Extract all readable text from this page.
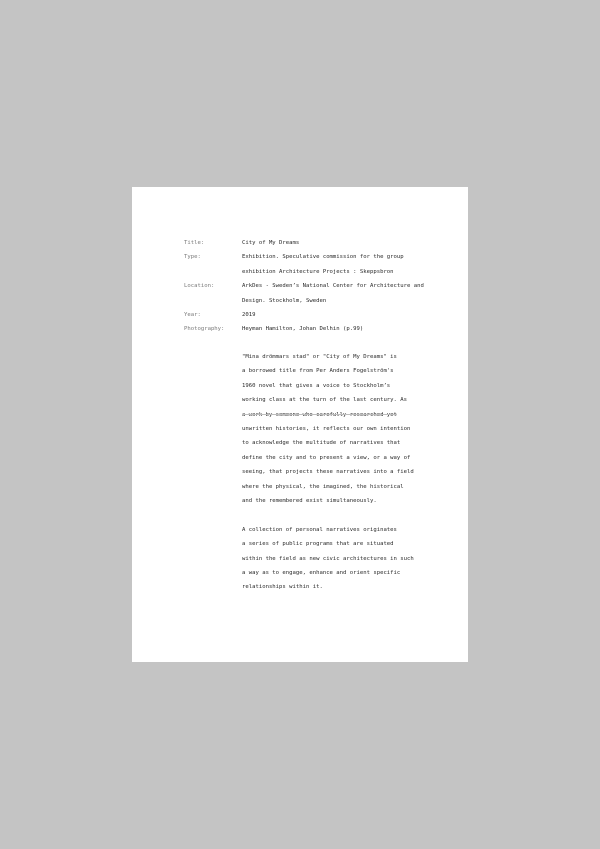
Title:	City of My Dreams
Type:	Exhibition. Speculative commission for the group
exhibition Architecture Projects : Skeppsbron
Location:	ArkDes - Sweden’s National Center for Architecture and
Design. Stockholm, Sweden
Year:	2019
Photography:	Heyman Hamilton, Johan Delhin (p.99)
"Mina drömmars stad" or "City of My Dreams" is
a borrowed title from Per Anders Fogelström's
1960 novel that gives a voice to Stockholm’s
working class at the turn of the last century. As
a work by someone who carefully researched yet
unwritten histories, it reflects our own intention
to acknowledge the multitude of narratives that
define the city and to present a view, or a way of
seeing, that projects these narratives into a field
where the physical, the imagined, the historical
and the remembered exist simultaneously.
A collection of personal narratives originates
a series of public programs that are situated
within the field as new civic architectures in such
a way as to engage, enhance and orient specific
relationships within it.
